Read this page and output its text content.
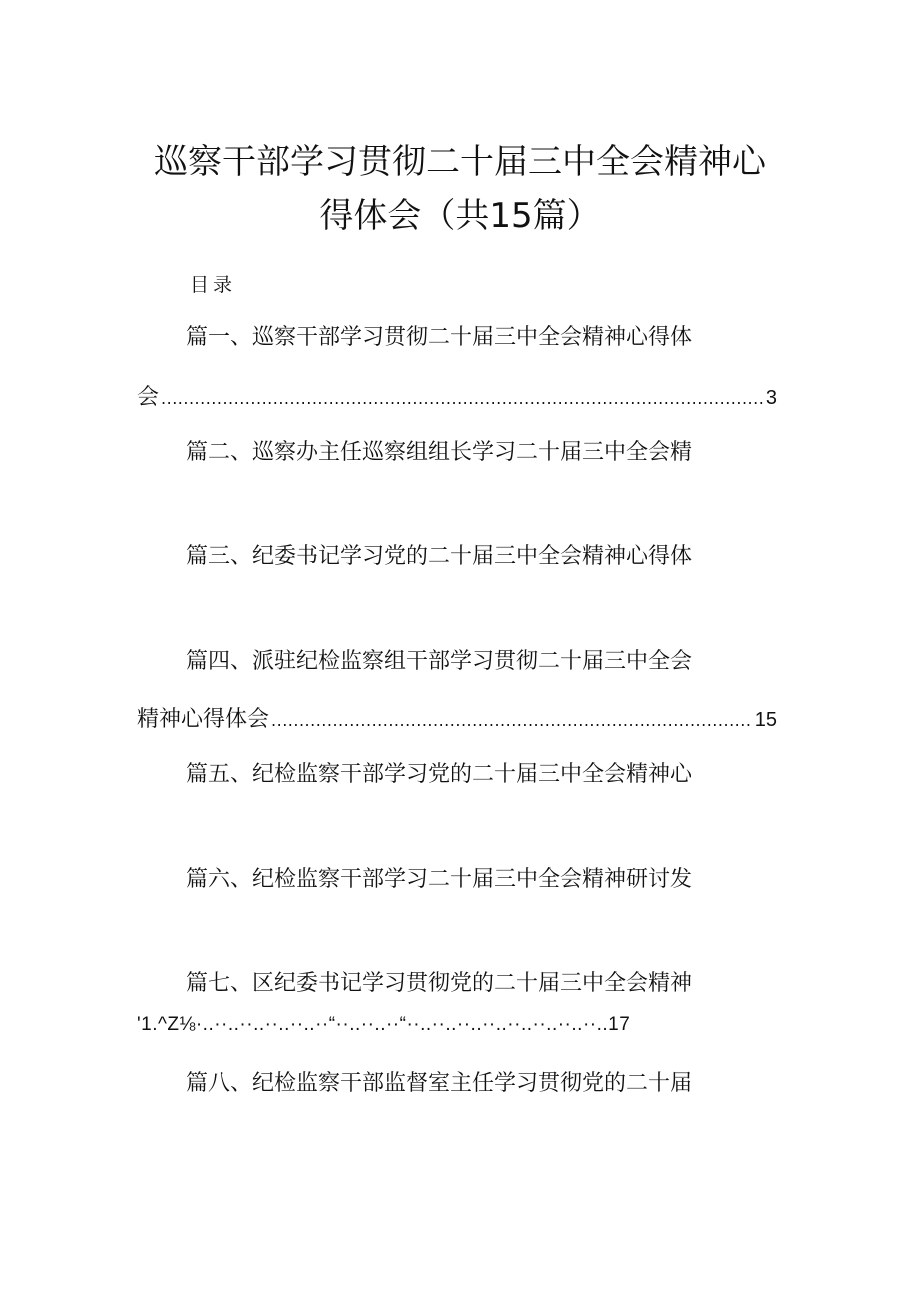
巡察干部学习贯彻二十届三中全会精神心
得体会（共15篇）
目录
篇一、巡察干部学习贯彻二十届三中全会精神心得体
会 .....	3
篇二、巡察办主任巡察组组长学习二十届三中全会精
篇三、纪委书记学习党的二十届三中全会精神心得体
篇四、派驻纪检监察组干部学习贯彻二十届三中全会
精神心得体会 .....	15
篇五、纪检监察干部学习党的二十届三中全会精神心
篇六、纪检监察干部学习二十届三中全会精神研讨发
篇七、区纪委书记学习贯彻党的二十届三中全会精神
'1.^Z⅛·..··..··..··..··..··“··..··..··“··..··..··..··..··..··..··..··..17
篇八、纪检监察干部监督室主任学习贯彻党的二十届
